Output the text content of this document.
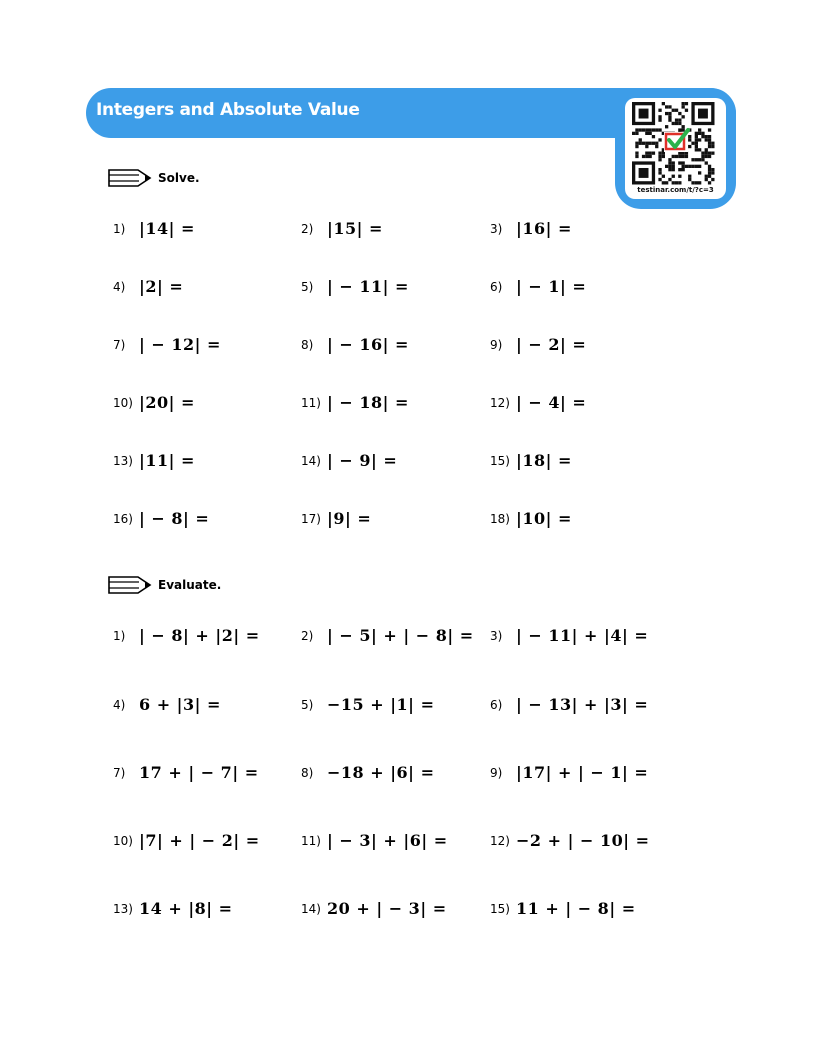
Integers and Absolute Value
testinar.com/t/?c=3
Solve.
1) |14| =	2) |15| =	3) |16| =
4) |2| =	5) | − 11| =	6) | − 1| =
7) | − 12| =	8) | − 16| =	9) | − 2| =
10) |20| =	11) | − 18| =	12) | − 4| =
13) |11| =	14) | − 9| =	15) |18| =
16) | − 8| =	17) |9| =	18) |10| =
Evaluate.
1) | − 8| + |2| =	2) | − 5| + | − 8| = 3) | − 11| + |4| =
4) 6 + |3| =	5) −15 + |1| =	6) | − 13| + |3| =
7) 17 + | − 7| =	8) −18 + |6| =	9) |17| + | − 1| =
10) |7| + | − 2| =	11) | − 3| + |6| =	12) −2 + | − 10| =
13) 14 + |8| =	14) 20 + | − 3| =	15) 11 + | − 8| =
